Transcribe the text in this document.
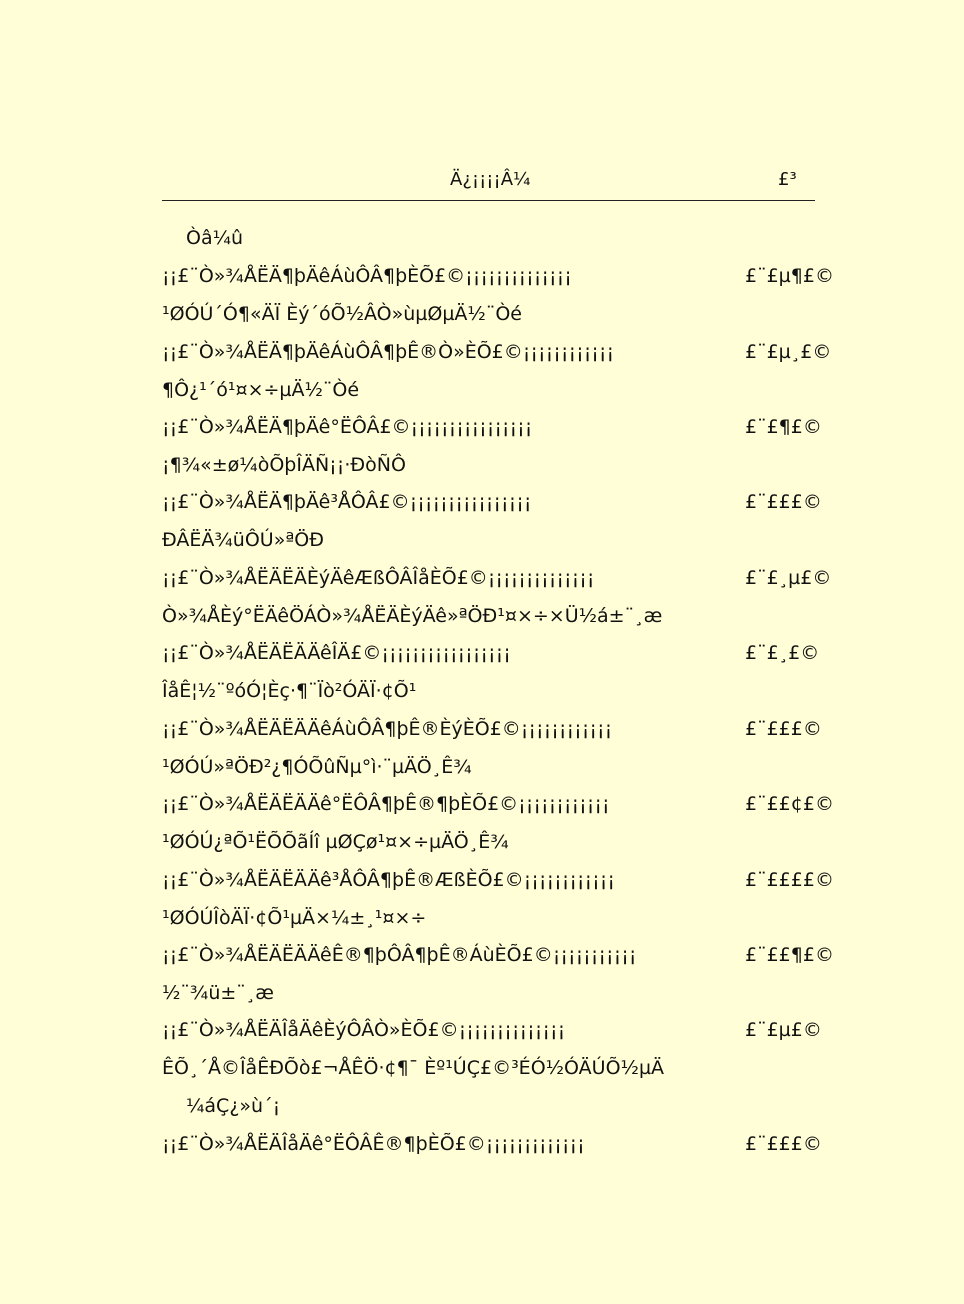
Ä¿¡¡¡¡Â¼	£³
Òâ¼û
¡¡£¨Ò»¾ÅËÄ¶þÄêÁùÔÂ¶þÈÕ£©¡¡¡¡¡¡¡¡¡¡¡¡¡¡	£¨£µ¶£©
¹ØÓÚ´Ó¶«ÄÏ Èý´óÕ½ÂÒ»ùµØµÄ½¨Òé
¡¡£¨Ò»¾ÅËÄ¶þÄêÁùÔÂ¶þÊ®Ò»ÈÕ£©¡¡¡¡¡¡¡¡¡¡¡¡	£¨£µ¸£©
¶Ô¿¹´ó¹¤×÷µÄ½¨Òé
¡¡£¨Ò»¾ÅËÄ¶þÄê°ËÔÂ£©¡¡¡¡¡¡¡¡¡¡¡¡¡¡¡¡	£¨£¶£©
¡¶¾«±ø¼òÕþÎÄÑ¡¡·ÐòÑÔ
¡¡£¨Ò»¾ÅËÄ¶þÄê³ÅÔÂ£©¡¡¡¡¡¡¡¡¡¡¡¡¡¡¡¡	£¨£££©
ÐÂËÄ¾üÔÚ»ªÖÐ
¡¡£¨Ò»¾ÅËÄËÄÈýÄêÆßÔÂÎåÈÕ£©¡¡¡¡¡¡¡¡¡¡¡¡¡¡	£¨£¸µ£©
Ò»¾ÅÈý°ËÄêÖÁÒ»¾ÅËÄÈýÄê»ªÖÐ¹¤×÷×Ü½á±¨¸æ
¡¡£¨Ò»¾ÅËÄËÄÄêÎÄ£©¡¡¡¡¡¡¡¡¡¡¡¡¡¡¡¡¡	£¨£¸£©
ÎåÊ¦½¨ºóÓ¦Èç·¶¨Ïò²ÓÄÏ·¢Õ¹
¡¡£¨Ò»¾ÅËÄËÄÄêÁùÔÂ¶þÊ®ÈýÈÕ£©¡¡¡¡¡¡¡¡¡¡¡¡	£¨£££©
¹ØÓÚ»ªÖÐ²¿¶ÓÕûÑµ°ì·¨µÄÖ¸Ê¾
¡¡£¨Ò»¾ÅËÄËÄÄê°ËÔÂ¶þÊ®¶þÈÕ£©¡¡¡¡¡¡¡¡¡¡¡¡	£¨££¢£©
¹ØÓÚ¿ªÕ¹ËÕÕãÍî µØÇø¹¤×÷µÄÖ¸Ê¾
¡¡£¨Ò»¾ÅËÄËÄÄê³ÅÔÂ¶þÊ®ÆßÈÕ£©¡¡¡¡¡¡¡¡¡¡¡¡	£¨££££©
¹ØÓÚÎòÄÏ·¢Õ¹µÄ×¼±¸¹¤×÷
¡¡£¨Ò»¾ÅËÄËÄÄêÊ®¶þÔÂ¶þÊ®ÁùÈÕ£©¡¡¡¡¡¡¡¡¡¡¡	£¨££¶£©
½¨¾ü±¨¸æ
¡¡£¨Ò»¾ÅËÄÎåÄêÈýÔÂÒ»ÈÕ£©¡¡¡¡¡¡¡¡¡¡¡¡¡¡	£¨£µ£©
ÊÕ¸´Å©ÎåÊÐÕò£¬ÅÊÖ·¢¶¯ Èº¹ÚÇ£©³ÉÓ½ÓÄÚÕ½µÄ
¼áÇ¿»ù´¡
¡¡£¨Ò»¾ÅËÄÎåÄê°ËÔÂÊ®¶þÈÕ£©¡¡¡¡¡¡¡¡¡¡¡¡¡	£¨£££©
